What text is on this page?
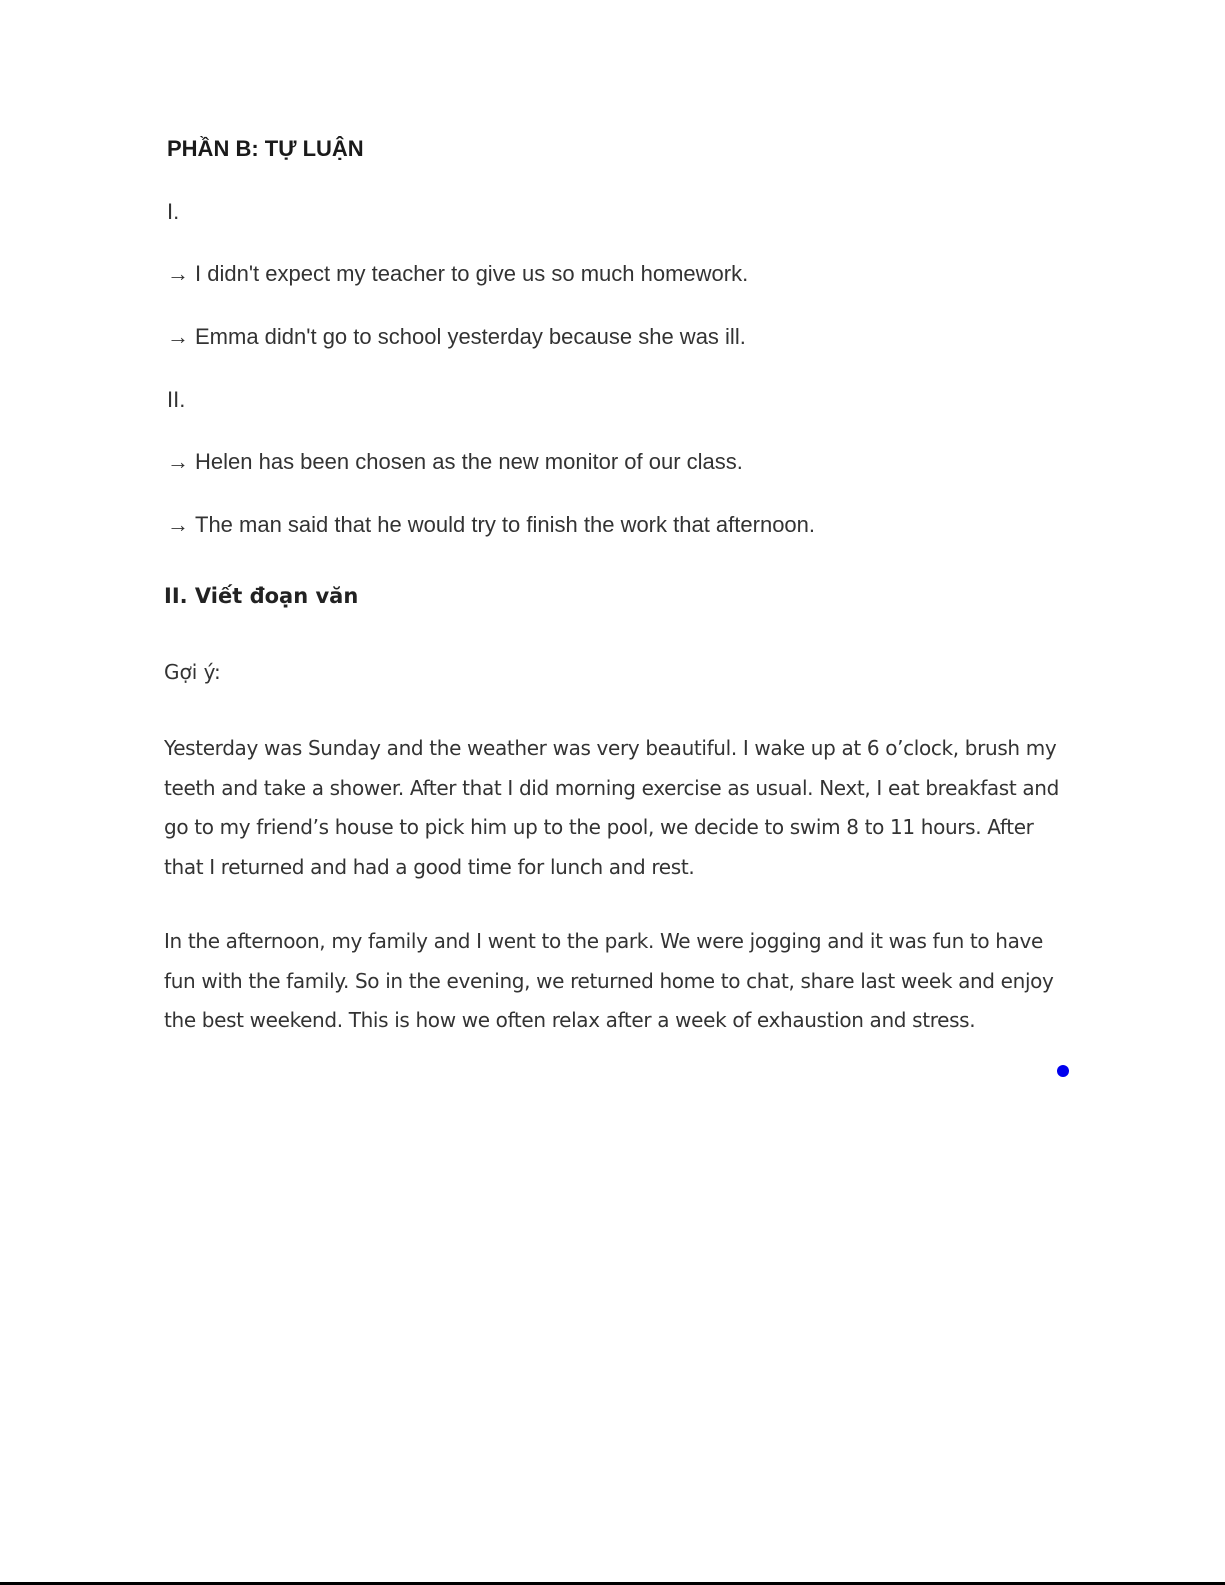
PHẦN B: TỰ LUẬN

I.

→ I didn't expect my teacher to give us so much homework.

→ Emma didn't go to school yesterday because she was ill.

II.

→ Helen has been chosen as the new monitor of our class.

→ The man said that he would try to finish the work that afternoon.

II. Viết đoạn văn

Gợi ý:

Yesterday was Sunday and the weather was very beautiful. I wake up at 6 o’clock, brush my teeth and take a shower. After that I did morning exercise as usual. Next, I eat breakfast and go to my friend’s house to pick him up to the pool, we decide to swim 8 to 11 hours. After that I returned and had a good time for lunch and rest.

In the afternoon, my family and I went to the park. We were jogging and it was fun to have fun with the family. So in the evening, we returned home to chat, share last week and enjoy the best weekend. This is how we often relax after a week of exhaustion and stress.
